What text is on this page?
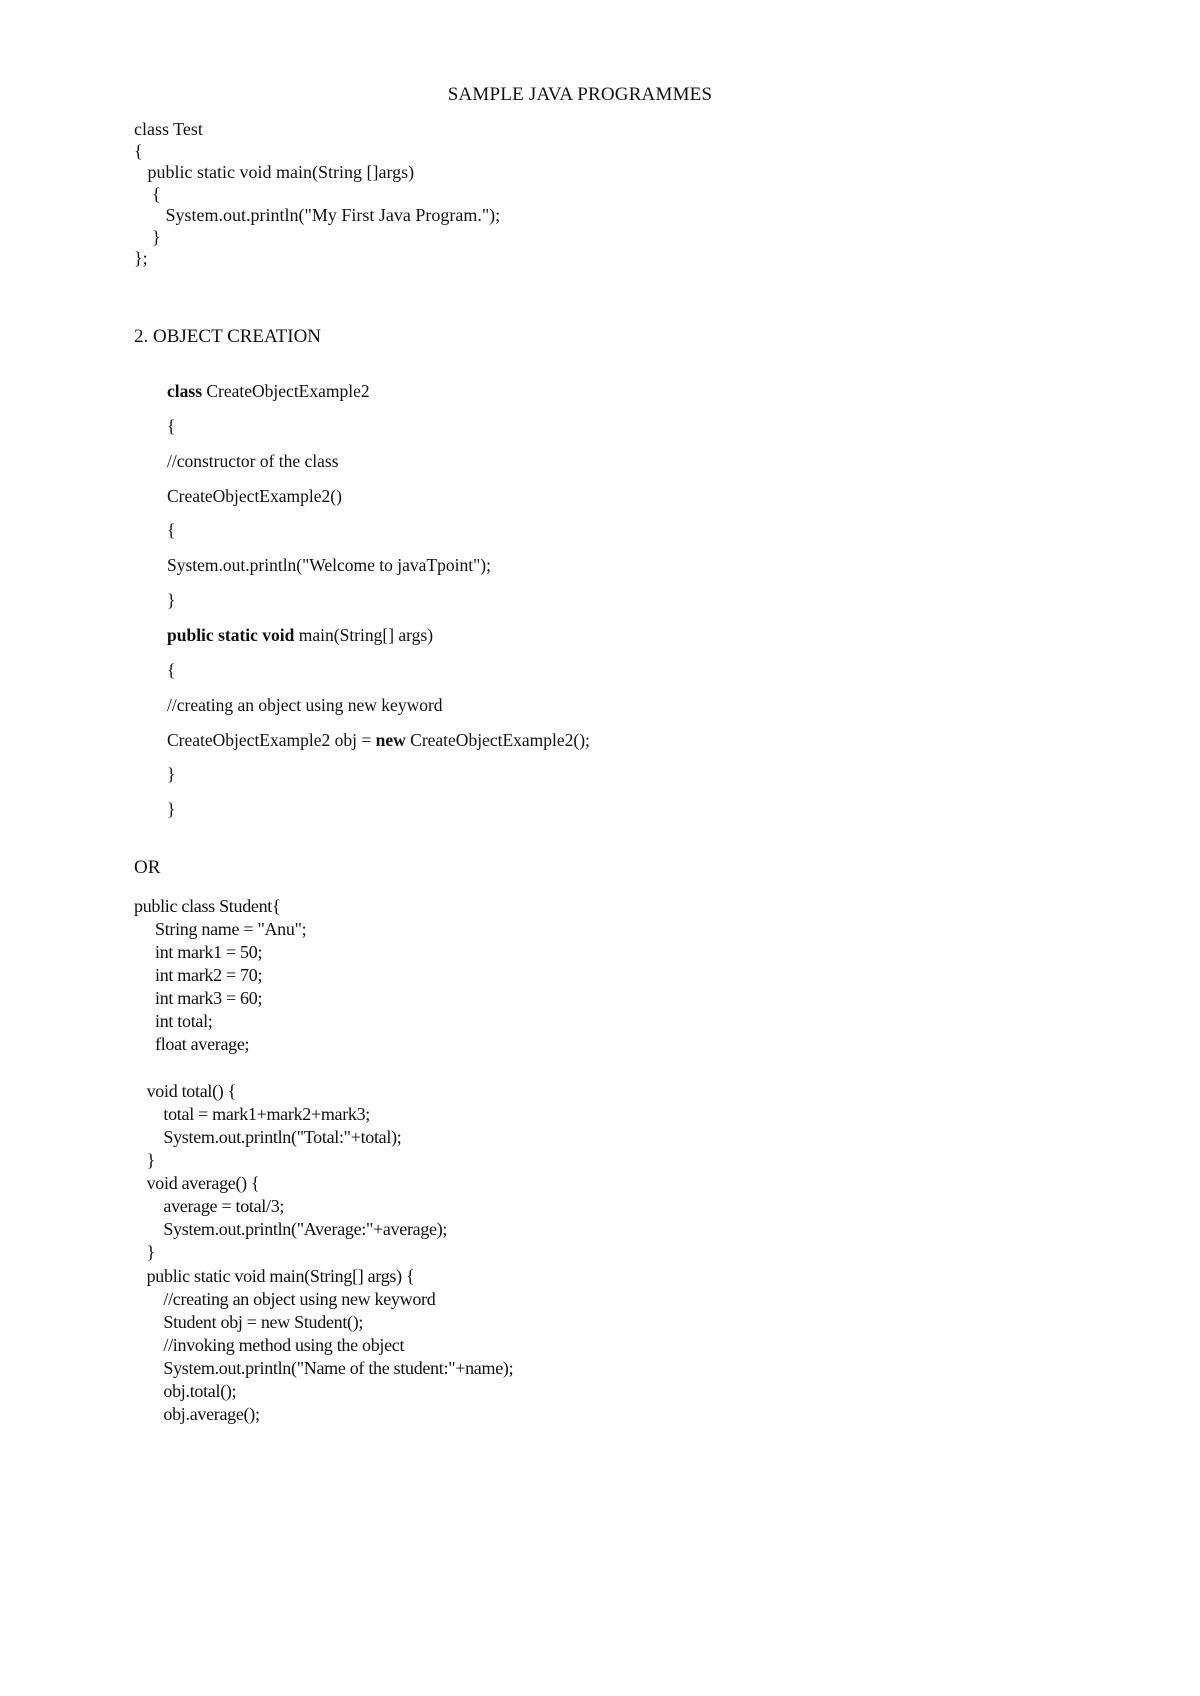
SAMPLE JAVA PROGRAMMES
class Test
{
public static void main(String []args)
{
System.out.println("My First Java Program.");
}
};
2. OBJECT CREATION
class CreateObjectExample2
{
//constructor of the class
CreateObjectExample2()
{
System.out.println("Welcome to javaTpoint");
}
public static void main(String[] args)
{
//creating an object using new keyword
CreateObjectExample2 obj = new CreateObjectExample2();
}
}
OR
public class Student{
String name = "Anu";
int mark1 = 50;
int mark2 = 70;
int mark3 = 60;
int total;
float average;
void total() {
total = mark1+mark2+mark3;
System.out.println("Total:"+total);
}
void average() {
average = total/3;
System.out.println("Average:"+average);
}
public static void main(String[] args) {
//creating an object using new keyword
Student obj = new Student();
//invoking method using the object
System.out.println("Name of the student:"+name);
obj.total();
obj.average();
